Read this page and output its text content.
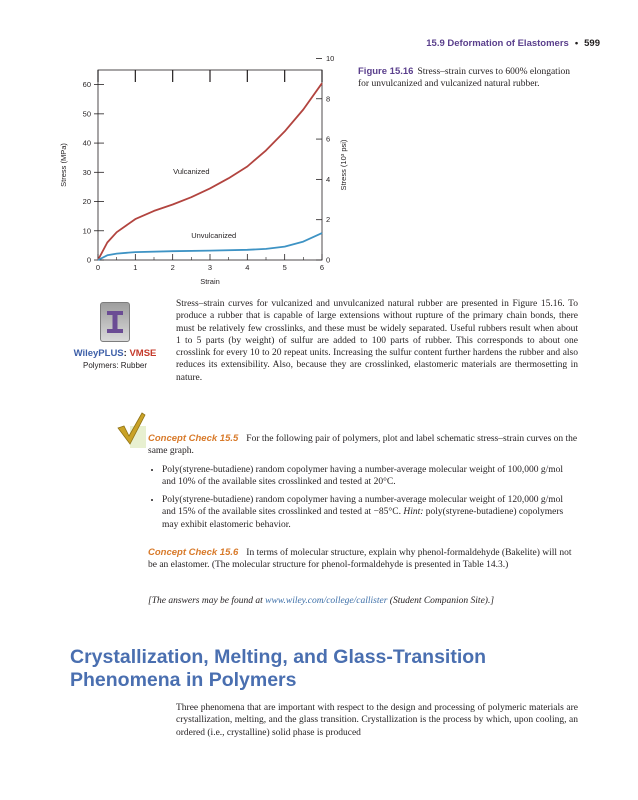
15.9 Deformation of Elastomers • 599
0	1	2	3	4	5	6
0
10
20
30
40
50
60
0
2
4
6
8
10
Strain
Stress (MPa)	Stress (10³ psi)
Vulcanized
Unvulcanized
Figure 15.16 Stress–strain curves to 600% elongation for unvulcanized and vulcanized natural rubber.
WileyPLUS: VMSE
Polymers: Rubber

Stress–strain curves for vulcanized and unvulcanized natural rubber are presented in Figure 15.16. To produce a rubber that is capable of large extensions without rupture of the primary chain bonds, there must be relatively few crosslinks, and these must be widely separated. Useful rubbers result when about 1 to 5 parts (by weight) of sulfur are added to 100 parts of rubber. This corresponds to about one crosslink for every 10 to 20 repeat units. Increasing the sulfur content further hardens the rubber and also reduces its extensibility. Also, because they are crosslinked, elastomeric materials are thermosetting in nature.

Concept Check 15.5 For the following pair of polymers, plot and label schematic stress–strain curves on the same graph.
• Poly(styrene-butadiene) random copolymer having a number-average molecular weight of 100,000 g/mol and 10% of the available sites crosslinked and tested at 20°C.
• Poly(styrene-butadiene) random copolymer having a number-average molecular weight of 120,000 g/mol and 15% of the available sites crosslinked and tested at −85°C. Hint: poly(styrene-butadiene) copolymers may exhibit elastomeric behavior.
Concept Check 15.6 In terms of molecular structure, explain why phenol-formaldehyde (Bakelite) will not be an elastomer. (The molecular structure for phenol-formaldehyde is presented in Table 14.3.)
[The answers may be found at www.wiley.com/college/callister (Student Companion Site).]
Crystallization, Melting, and Glass-Transition Phenomena in Polymers

Three phenomena that are important with respect to the design and processing of polymeric materials are crystallization, melting, and the glass transition. Crystallization is the process by which, upon cooling, an ordered (i.e., crystalline) solid phase is produced
